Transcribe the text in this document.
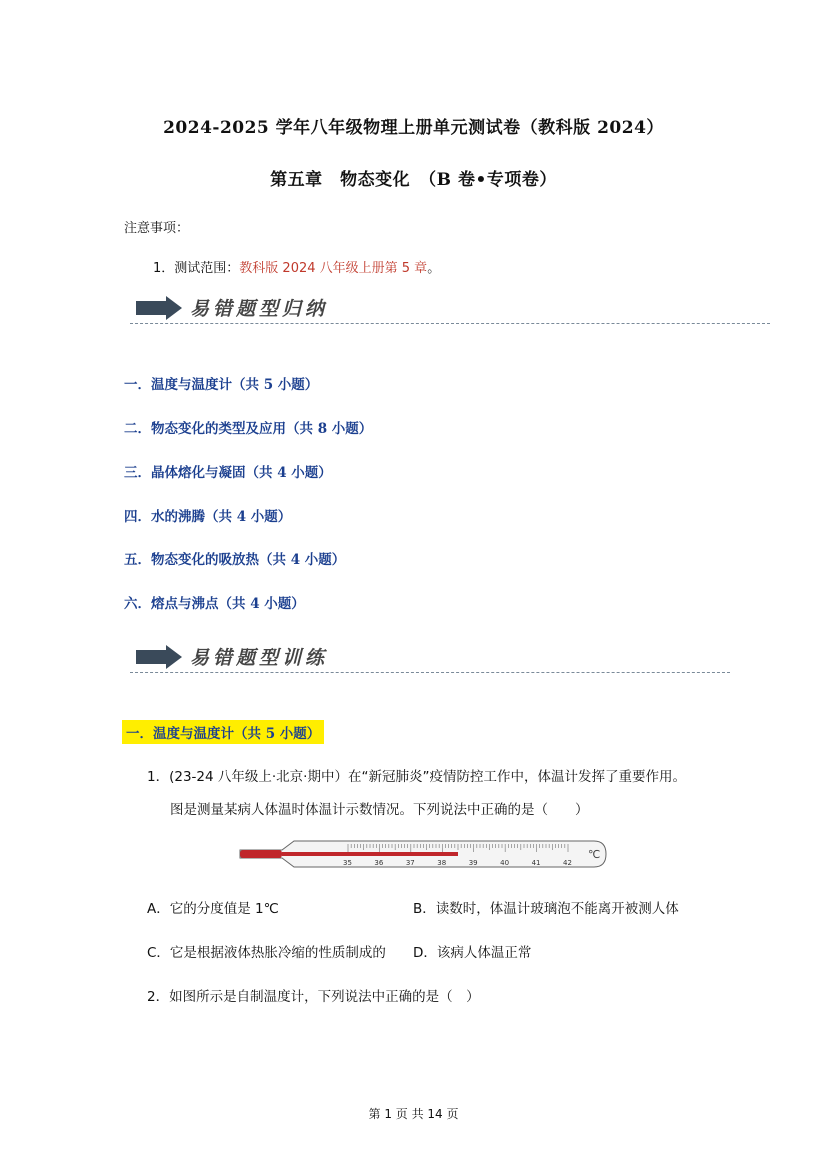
2024-2025 学年八年级物理上册单元测试卷（教科版 2024）
第五章　物态变化　（B 卷•专项卷）
注意事项：
1．测试范围：教科版 2024 八年级上册第 5 章。
易错题型归纳
一．温度与温度计（共 5 小题）
二．物态变化的类型及应用（共 8 小题）
三．晶体熔化与凝固（共 4 小题）
四．水的沸腾（共 4 小题）
五．物态变化的吸放热（共 4 小题）
六．熔点与沸点（共 4 小题）
易错题型训练
一．温度与温度计（共 5 小题）
1．(23-24 八年级上·北京·期中）在“新冠肺炎”疫情防控工作中，体温计发挥了重要作用。
图是测量某病人体温时体温计示数情况。下列说法中正确的是（　　）
35	36	37	38	39	40	41	42
℃
A．它的分度值是 1℃	B．读数时，体温计玻璃泡不能离开被测人体
C．它是根据液体热胀冷缩的性质制成的 D．该病人体温正常
2．如图所示是自制温度计，下列说法中正确的是（　）
第 1 页 共 14 页
